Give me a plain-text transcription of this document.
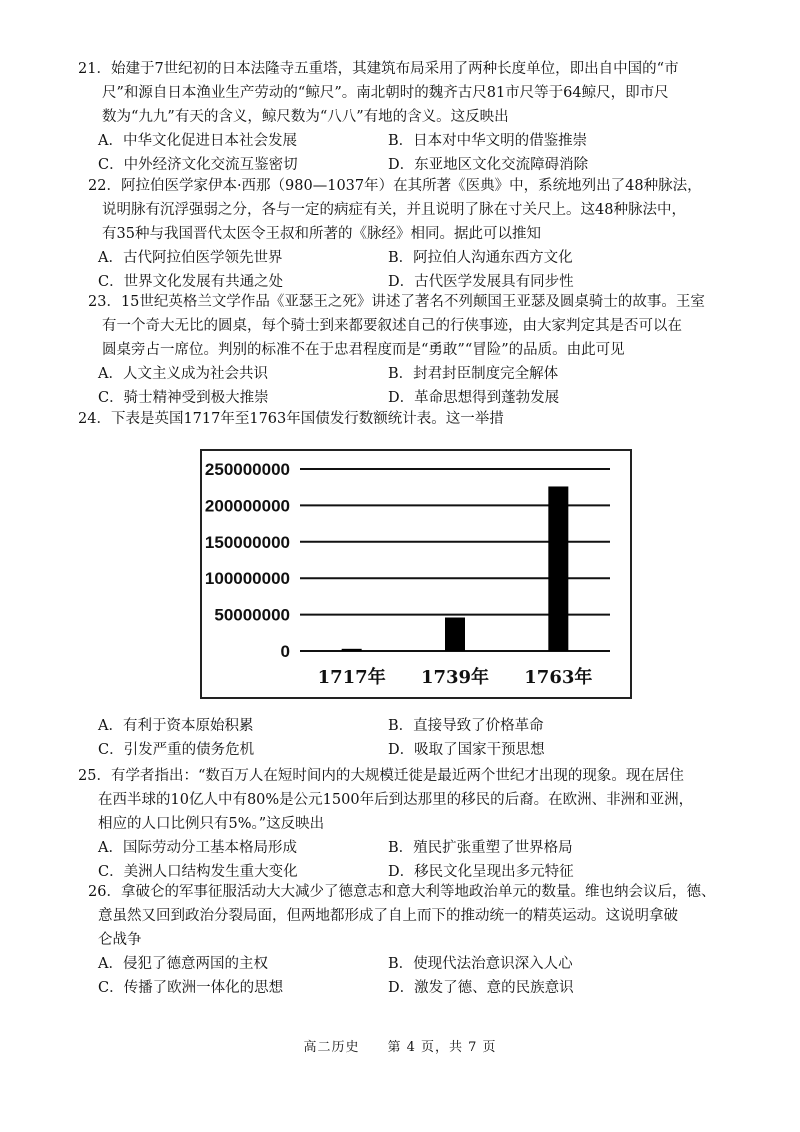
21．始建于7世纪初的日本法隆寺五重塔，其建筑布局采用了两种长度单位，即出自中国的“市
尺”和源自日本渔业生产劳动的“鲸尺”。南北朝时的魏齐古尺81市尺等于64鲸尺，即市尺
数为“九九”有天的含义，鲸尺数为“八八”有地的含义。这反映出
A．中华文化促进日本社会发展	B．日本对中华文明的借鉴推崇
C．中外经济文化交流互鉴密切	D．东亚地区文化交流障碍消除
22．阿拉伯医学家伊本·西那（980—1037年）在其所著《医典》中，系统地列出了48种脉法，
说明脉有沉浮强弱之分，各与一定的病症有关，并且说明了脉在寸关尺上。这48种脉法中，
有35种与我国晋代太医令王叔和所著的《脉经》相同。据此可以推知
A．古代阿拉伯医学领先世界	B．阿拉伯人沟通东西方文化
C．世界文化发展有共通之处	D．古代医学发展具有同步性
23．15世纪英格兰文学作品《亚瑟王之死》讲述了著名不列颠国王亚瑟及圆桌骑士的故事。王室
有一个奇大无比的圆桌，每个骑士到来都要叙述自己的行侠事迹，由大家判定其是否可以在
圆桌旁占一席位。判别的标准不在于忠君程度而是“勇敢”“冒险”的品质。由此可见
A．人文主义成为社会共识	B．封君封臣制度完全解体
C．骑士精神受到极大推崇	D．革命思想得到蓬勃发展
24．下表是英国1717年至1763年国债发行数额统计表。这一举措
250000000
200000000
150000000
100000000
50000000
0
1717年 1739年 1763年
A．有利于资本原始积累	B．直接导致了价格革命
C．引发严重的债务危机	D．吸取了国家干预思想
25．有学者指出：“数百万人在短时间内的大规模迁徙是最近两个世纪才出现的现象。现在居住
在西半球的10亿人中有80%是公元1500年后到达那里的移民的后裔。在欧洲、非洲和亚洲，
相应的人口比例只有5%。”这反映出
A．国际劳动分工基本格局形成	B．殖民扩张重塑了世界格局
C．美洲人口结构发生重大变化	D．移民文化呈现出多元特征
26．拿破仑的军事征服活动大大减少了德意志和意大利等地政治单元的数量。维也纳会议后，德、
意虽然又回到政治分裂局面，但两地都形成了自上而下的推动统一的精英运动。这说明拿破
仑战争
A．侵犯了德意两国的主权	B．使现代法治意识深入人心
C．传播了欧洲一体化的思想	D．激发了德、意的民族意识
高二历史　　第 4 页，共 7 页
